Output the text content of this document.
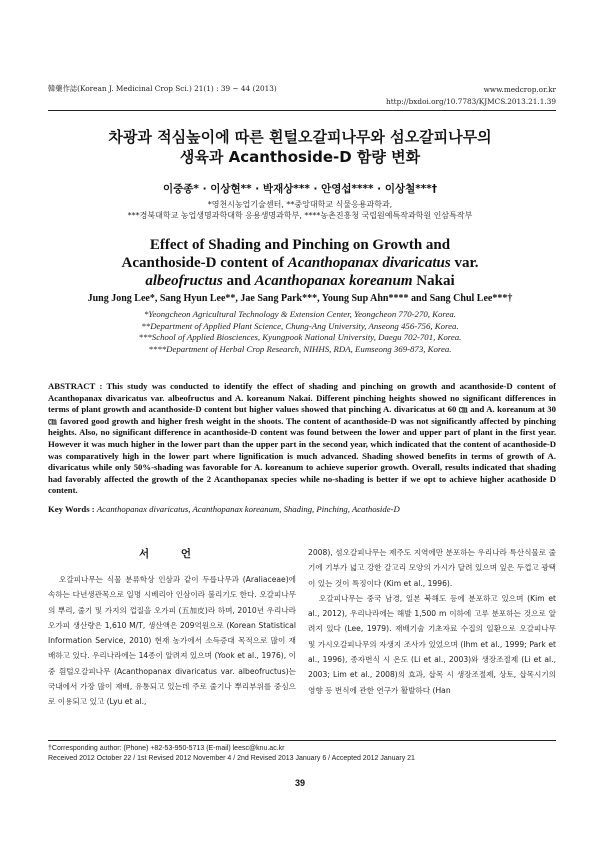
韓藥作誌(Korean J. Medicinal Crop Sci.) 21(1) : 39 ~ 44 (2013)	www.medcrop.or.kr
http://bxdoi.org/10.7783/KJMCS.2013.21.1.39
차광과 적심높이에 따른 흰털오갈피나무와 섬오갈피나무의
생육과 Acanthoside-D 함량 변화
이중종* · 이상현** · 박재상*** · 안영섭**** · 이상철***†
*영천시농업기술센터, **중앙대학교 식물응용과학과,
***경북대학교 농업생명과학대학 응용생명과학부, ****농촌진흥청 국립원예특작과학원 인삼특작부
Effect of Shading and Pinching on Growth and
Acanthoside-D content of Acanthopanax divaricatus var.
albeofructus and Acanthopanax koreanum Nakai
Jung Jong Lee*, Sang Hyun Lee**, Jae Sang Park***, Young Sup Ahn**** and Sang Chul Lee***†
*Yeongcheon Agricultural Technology & Extension Center, Yeongcheon 770-270, Korea.
**Department of Applied Plant Science, Chung-Ang University, Anseong 456-756, Korea.
***School of Applied Biosciences, Kyungpook National University, Daegu 702-701, Korea.
****Department of Herbal Crop Research, NIHHS, RDA, Eumseong 369-873, Korea.
ABSTRACT : This study was conducted to identify the effect of shading and pinching on growth and acanthoside-D content of Acanthopanax divaricatus var. albeofructus and A. koreanum Nakai. Different pinching heights showed no significant differences in terms of plant growth and acanthoside-D content but higher values showed that pinching A. divaricatus at 60 ㎝ and A. koreanum at 30 ㎝ favored good growth and higher fresh weight in the shoots. The content of acanthoside-D was not significantly affected by pinching heights. Also, no significant difference in acanthoside-D content was found between the lower and upper part of plant in the first year. However it was much higher in the lower part than the upper part in the second year, which indicated that the content of acanthoside-D was comparatively high in the lower part where lignification is much advanced. Shading showed benefits in terms of growth of A. divaricatus while only 50%-shading was favorable for A. koreanum to achieve superior growth. Overall, results indicated that shading had favorably affected the growth of the 2 Acanthopanax species while no-shading is better if we opt to achieve higher acathoside D content.
Key Words : Acanthopanax divaricatus, Acanthopanax koreanum, Shading, Pinching, Acathoside-D
서 언

오갈피나무는 식물 분류학상 인삼과 같이 두릅나무과 (Araliaceae)에 속하는 다년생관목으로 일명 시베리아 인삼이라 불리기도 한다. 오갈피나무의 뿌리, 줄기 및 가지의 껍질을 오가피 (五加皮)라 하며, 2010년 우리나라 오가피 생산량은 1,610 M/T, 생산액은 209억원으로 (Korean Statistical Information Service, 2010) 현재 농가에서 소득증대 목적으로 많이 재배하고 있다. 우리나라에는 14종이 알려져 있으며 (Yook et al., 1976), 이 중 흰털오갈피나무 (Acanthopanax divaricatus var. albeofructus)는 국내에서 가장 많이 재배, 유통되고 있는데 주로 줄기나 뿌리부위를 중심으로 이용되고 있고 (Lyu et al.,

2008), 섬오갈피나무는 제주도 지역에만 분포하는 우리나라 특산식물로 줄기에 기부가 넓고 강한 갈고리 모양의 가시가 달려 있으며 잎은 두껍고 광택이 있는 것이 특징이다 (Kim et al., 1996).

오갈피나무는 중국 남경, 일본 북해도 등에 분포하고 있으며 (Kim et al., 2012), 우리나라에는 해발 1,500 m 이하에 고루 분포하는 것으로 알려져 있다 (Lee, 1979). 재배기술 기초자료 수집의 일환으로 오갈피나무 및 가시오갈피나무의 자생지 조사가 있었으며 (Ihm et al., 1999; Park et al., 1996), 종자번식 시 온도 (Li et al., 2003)와 생장조절제 (Li et al., 2003; Lim et al., 2008)의 효과, 삽목 시 생장조절제, 상토, 삽목시기의 영향 등 번식에 관한 연구가 활발하다 (Han

†Corresponding author: (Phone) +82-53-950-5713 (E-mail) leesc@knu.ac.kr
Received 2012 October 22 / 1st Revised 2012 November 4 / 2nd Revised 2013 January 6 / Accepted 2012 January 21
39
